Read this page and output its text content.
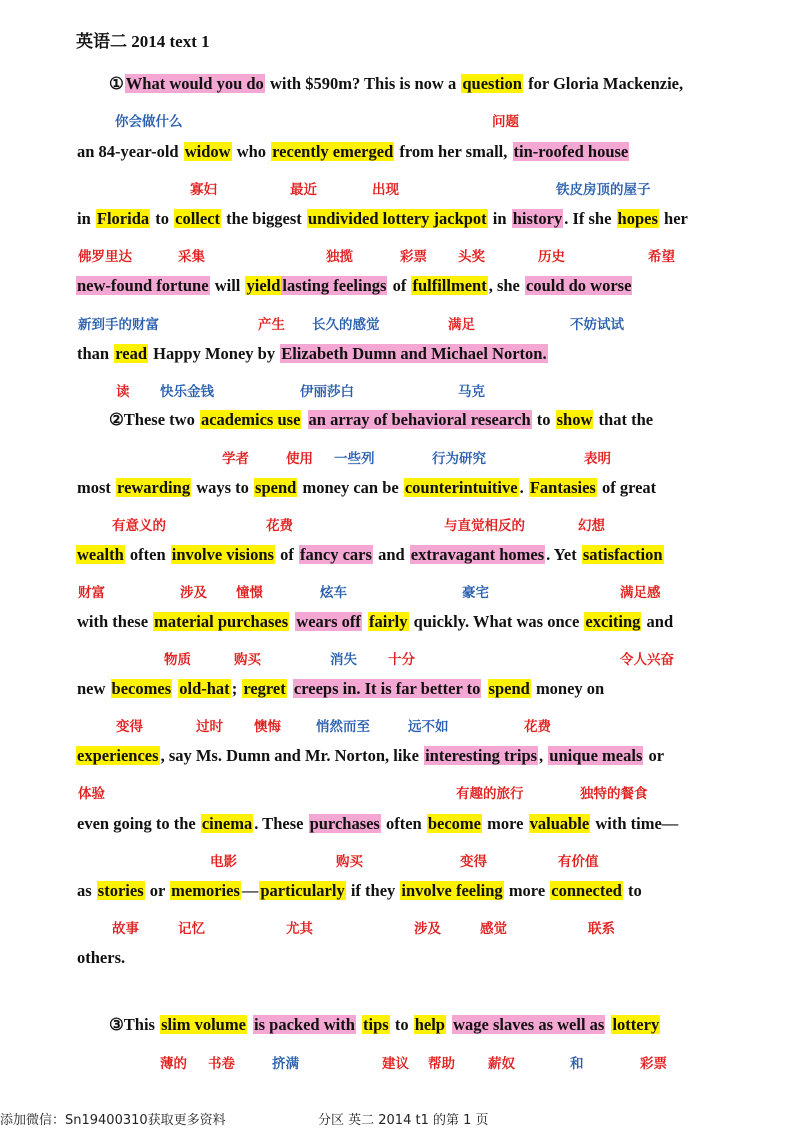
英语二 2014 text 1
① What would you do with $590m? This is now a question for Gloria Mackenzie,
an 84-year-old widow who recently emerged from her small, tin-roofed house
in Florida to collect the biggest undivided lottery jackpot in history . If she hopes her
new-found fortune will yield lasting feelings of fulfillment , she could do worse
than read Happy Money by Elizabeth Dumn and Michael Norton.
②These two academics use an array of behavioral research to show that the
most rewarding ways to spend money can be counterintuitive . Fantasies of great
wealth often involve visions of fancy cars and extravagant homes . Yet satisfaction
with these material purchases wears off fairly quickly. What was once exciting and
new becomes old-hat ; regret creeps in. It is far better to spend money on
experiences , say Ms. Dumn and Mr. Norton, like interesting trips , unique meals or
even going to the cinema . These purchases often become more valuable with time—
as stories or memories — particularly if they involve feeling more connected to
others.
③This slim volume is packed with tips to help wage slaves as well as lottery
你会做什么	问题
寡妇	最近	出现	铁皮房顶的屋子
佛罗里达	采集	独揽	彩票 头奖	历史	希望
新到手的财富	产生 长久的感觉	满足	不妨试试
读 快乐金钱	伊丽莎白	马克
学者	使用 一些列	行为研究	表明
有意义的	花费	与直觉相反的	幻想
财富	涉及 憧憬	炫车	豪宅	满足感
物质	购买	消失 十分	令人兴奋
变得	过时 懊悔	悄然而至	远不如	花费
体验	有趣的旅行	独特的餐食
电影	购买	变得	有价值
故事	记忆	尤其	涉及	感觉	联系
薄的 书卷	挤满	建议 帮助 薪奴	和	彩票
添加微信：Sn19400310获取更多资料	分区 英二 2014 t1 的第 1 页
